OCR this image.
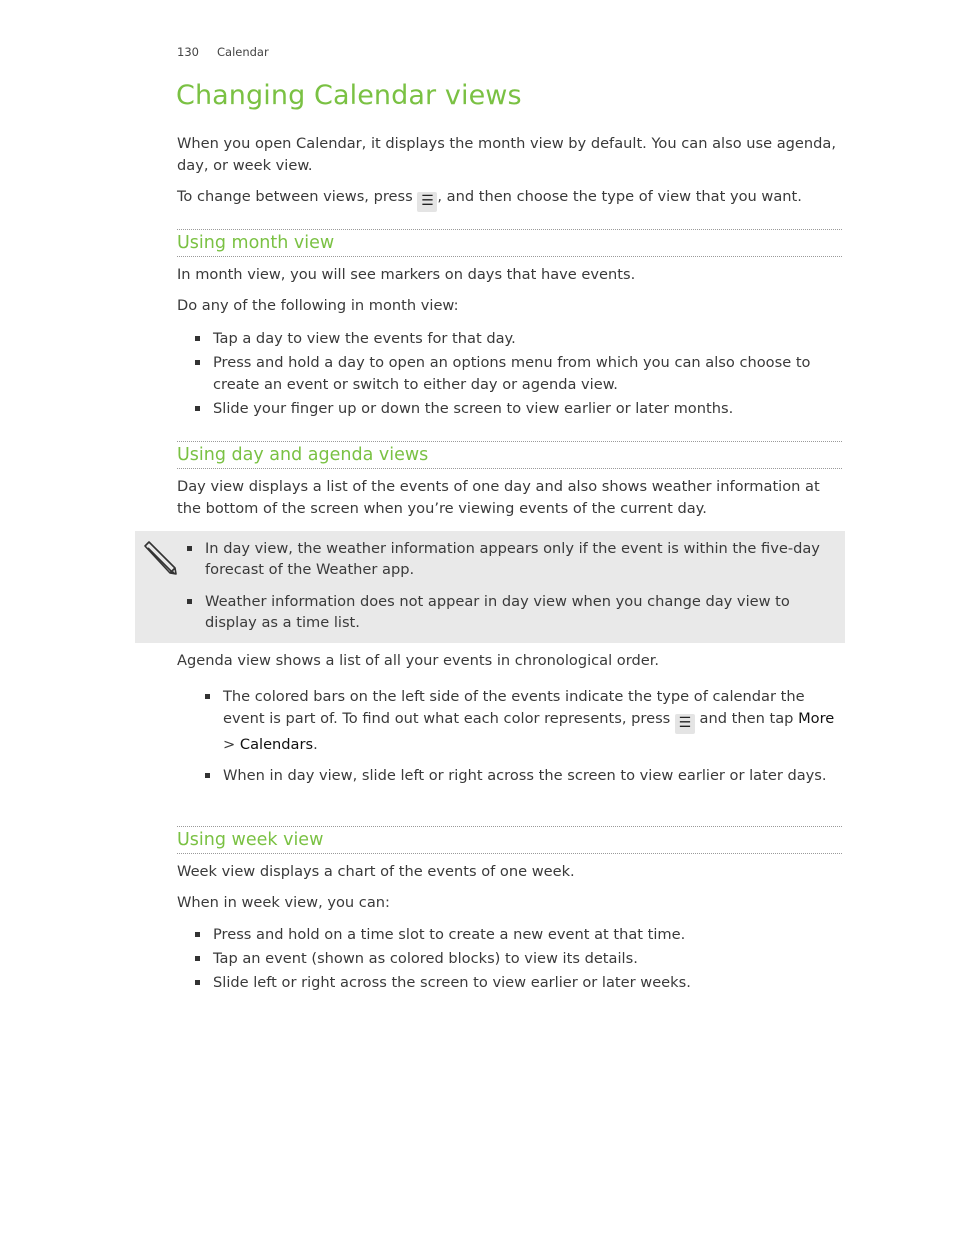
130 Calendar
Changing Calendar views

When you open Calendar, it displays the month view by default. You can also use agenda, day, or week view.

To change between views, press ☰ , and then choose the type of view that you want.

Using month view

In month view, you will see markers on days that have events.

Do any of the following in month view:

Tap a day to view the events for that day.
Press and hold a day to open an options menu from which you can also choose to create an event or switch to either day or agenda view.
Slide your finger up or down the screen to view earlier or later months.
Using day and agenda views

Day view displays a list of the events of one day and also shows weather information at the bottom of the screen when you’re viewing events of the current day.

In day view, the weather information appears only if the event is within the five-day forecast of the Weather app.
Weather information does not appear in day view when you change day view to display as a time list.

Agenda view shows a list of all your events in chronological order.

The colored bars on the left side of the events indicate the type of calendar the event is part of. To find out what each color represents, press ☰ and then tap More > Calendars.
When in day view, slide left or right across the screen to view earlier or later days.
Using week view

Week view displays a chart of the events of one week.

When in week view, you can:

Press and hold on a time slot to create a new event at that time.
Tap an event (shown as colored blocks) to view its details.
Slide left or right across the screen to view earlier or later weeks.
